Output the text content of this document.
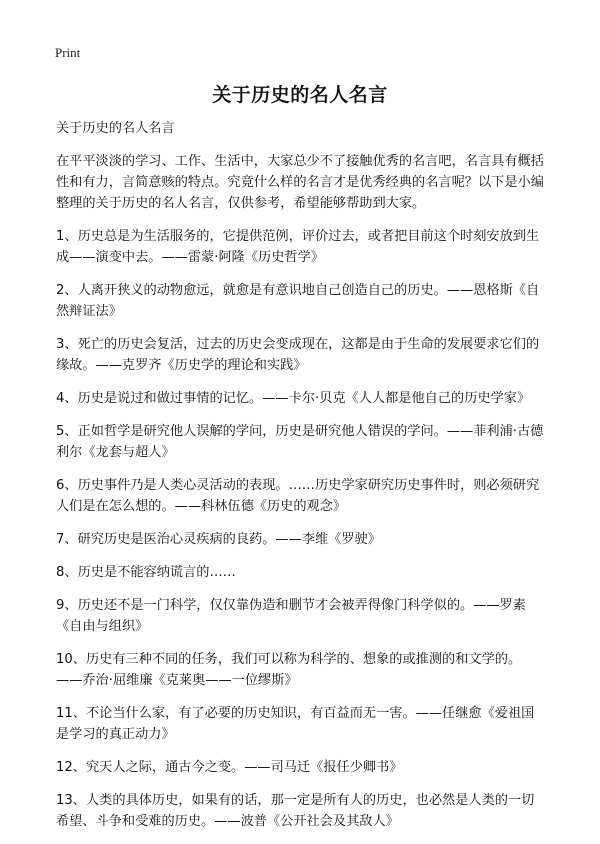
Print
关于历史的名人名言

关于历史的名人名言

在平平淡淡的学习、工作、生活中，大家总少不了接触优秀的名言吧，名言具有概括性和有力，言简意赅的特点。究竟什么样的名言才是优秀经典的名言呢？以下是小编整理的关于历史的名人名言，仅供参考，希望能够帮助到大家。

1、历史总是为生活服务的，它提供范例，评价过去，或者把目前这个时刻安放到生成——演变中去。——雷蒙·阿隆《历史哲学》

2、人离开狭义的动物愈远，就愈是有意识地自己创造自己的历史。——恩格斯《自然辩证法》

3、死亡的历史会复活，过去的历史会变成现在，这都是由于生命的发展要求它们的缘故。——克罗齐《历史学的理论和实践》

4、历史是说过和做过事情的记忆。——卡尔·贝克《人人都是他自己的历史学家》

5、正如哲学是研究他人误解的学问，历史是研究他人错误的学问。——菲利浦·古德利尔《龙套与超人》

6、历史事件乃是人类心灵活动的表现。……历史学家研究历史事件时，则必须研究人们是在怎么想的。——科林伍德《历史的观念》

7、研究历史是医治心灵疾病的良药。——李维《罗驶》

8、历史是不能容纳谎言的……

9、历史还不是一门科学，仅仅靠伪造和删节才会被弄得像门科学似的。——罗素《自由与组织》

10、历史有三种不同的任务，我们可以称为科学的、想象的或推测的和文学的。——乔治·屈维廉《克莱奥——一位缪斯》

11、不论当什么家，有了必要的历史知识，有百益而无一害。——任继愈《爱祖国是学习的真正动力》

12、究天人之际，通古今之变。——司马迁《报任少卿书》

13、人类的具体历史，如果有的话，那一定是所有人的历史，也必然是人类的一切希望、斗争和受难的历史。——波普《公开社会及其敌人》
